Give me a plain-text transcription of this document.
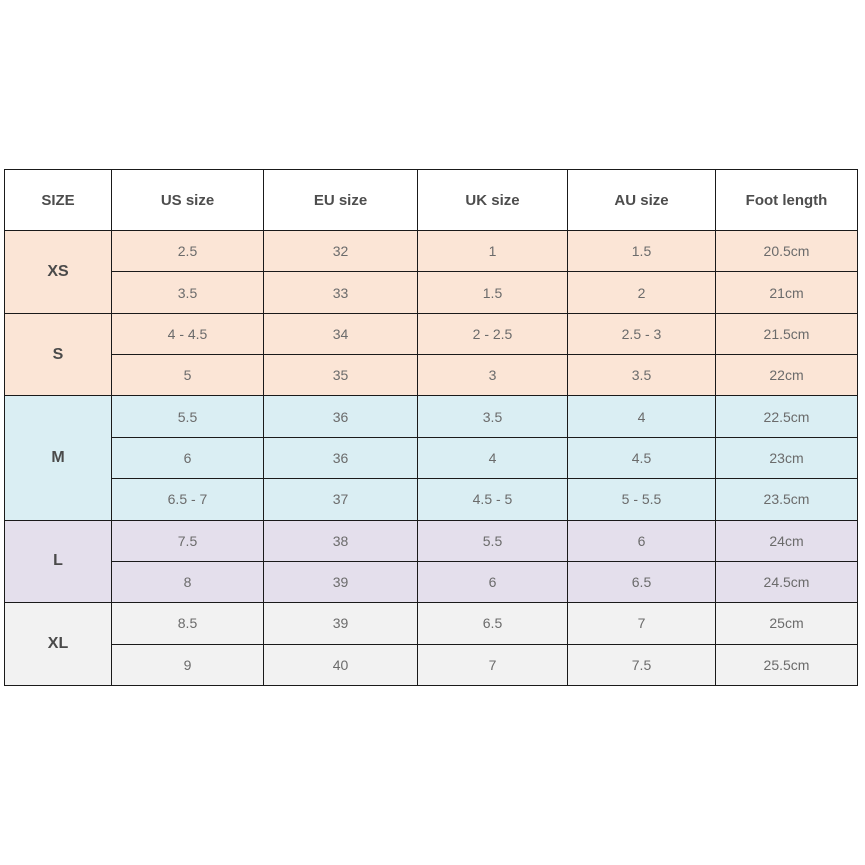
SIZE	US size	EU size	UK size	AU size	Foot length
XS	2.5	32	1	1.5	20.5cm
	3.5	33	1.5	2	21cm
S	4 - 4.5	34	2 - 2.5	2.5 - 3	21.5cm
	5	35	3	3.5	22cm
M	5.5	36	3.5	4	22.5cm
	6	36	4	4.5	23cm
	6.5 - 7	37	4.5 - 5	5 - 5.5	23.5cm
L	7.5	38	5.5	6	24cm
	8	39	6	6.5	24.5cm
XL	8.5	39	6.5	7	25cm
	9	40	7	7.5	25.5cm
